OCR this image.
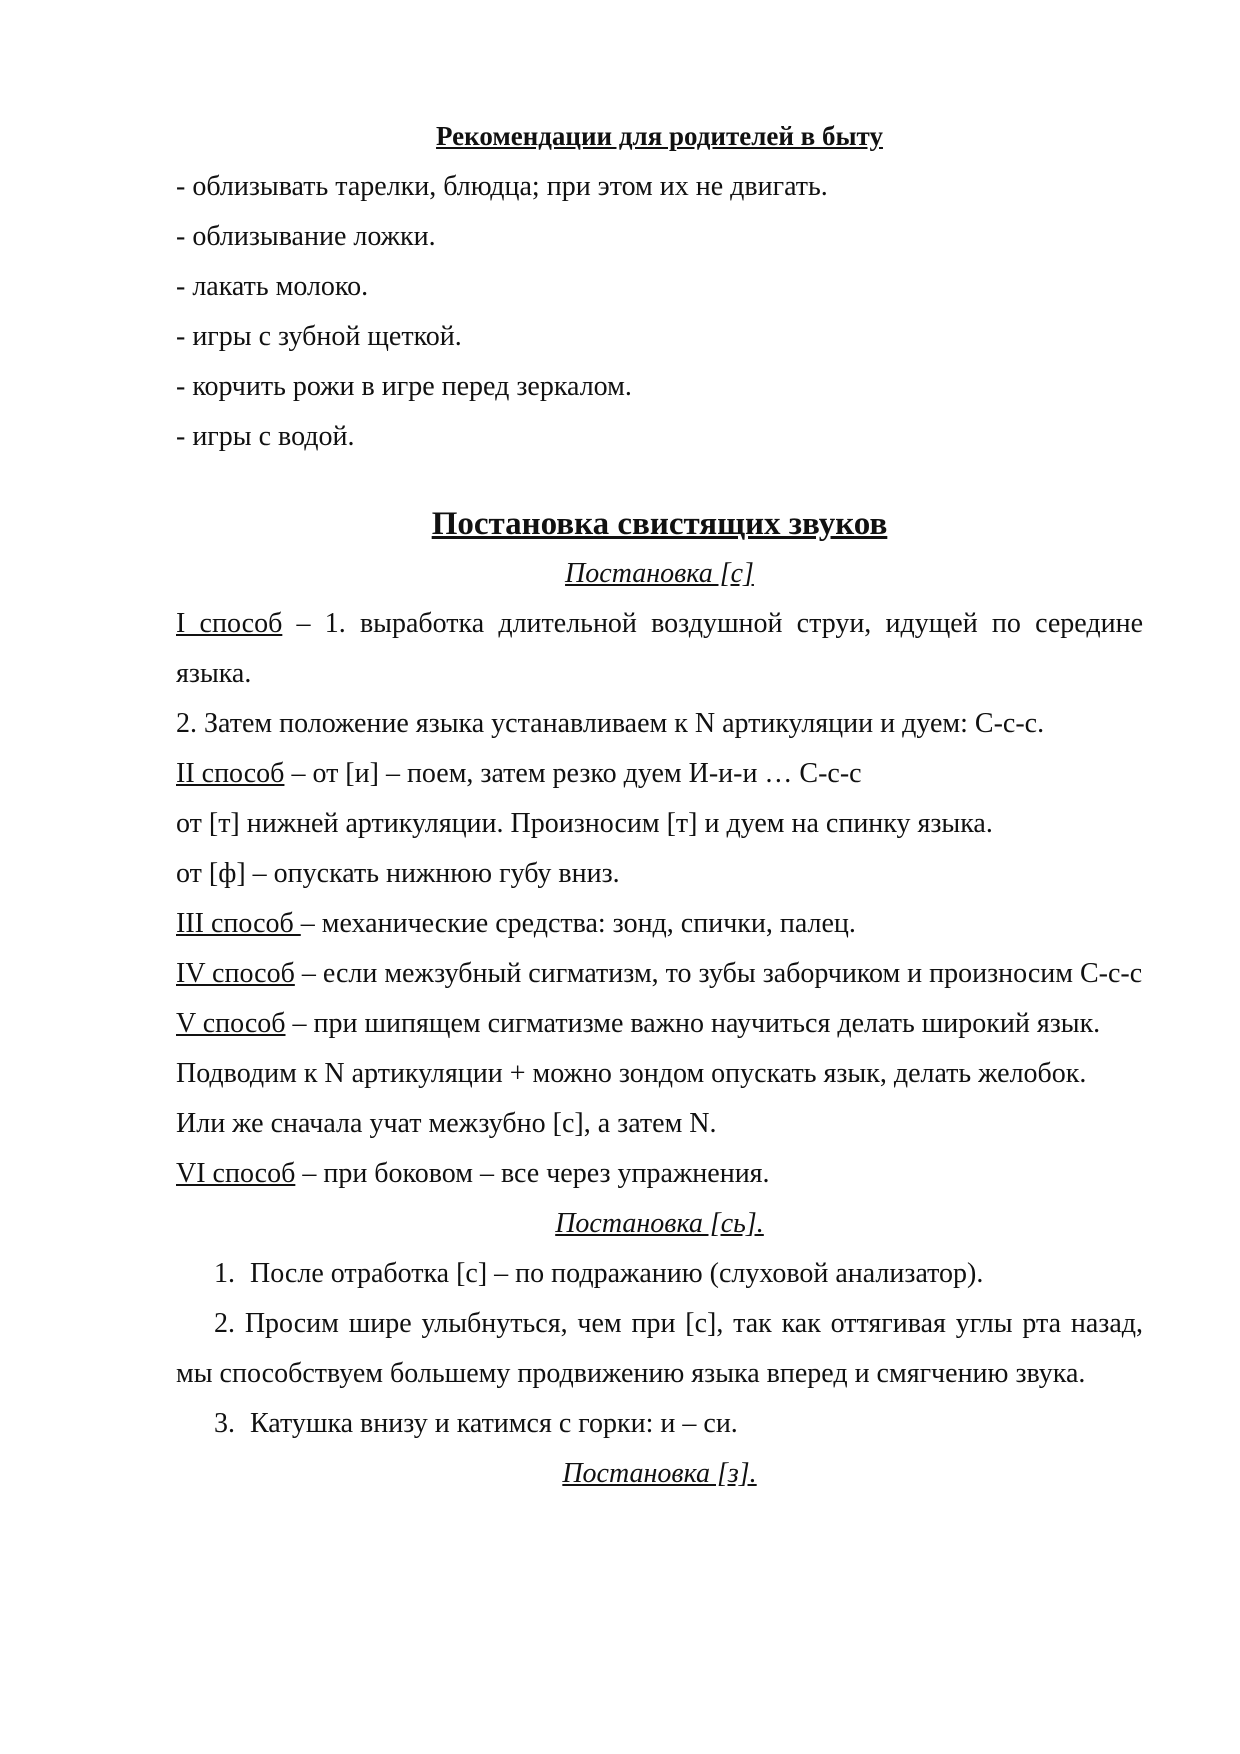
Рекомендации для родителей в быту

- облизывать тарелки, блюдца; при этом их не двигать.

- облизывание ложки.

- лакать молоко.

- игры с зубной щеткой.

- корчить рожи в игре перед зеркалом.

- игры с водой.

Постановка свистящих звуков

Постановка [с]

I способ – 1. выработка длительной воздушной струи, идущей по середине языка.

2. Затем положение языка устанавливаем к N артикуляции и дуем: С-с-с.

II способ – от [и] – поем, затем резко дуем И-и-и … С-с-с

от [т] нижней артикуляции. Произносим [т] и дуем на спинку языка.

от [ф] – опускать нижнюю губу вниз.

III способ – механические средства: зонд, спички, палец.

IV способ – если межзубный сигматизм, то зубы заборчиком и произносим С-с-с

V способ – при шипящем сигматизме важно научиться делать широкий язык.

Подводим к N артикуляции + можно зондом опускать язык, делать желобок.

Или же сначала учат межзубно [с], а затем N.

VI способ – при боковом – все через упражнения.

Постановка [сь].

1. После отработка [с] – по подражанию (слуховой анализатор).

2. Просим шире улыбнуться, чем при [с], так как оттягивая углы рта назад, мы способствуем большему продвижению языка вперед и смягчению звука.

3. Катушка внизу и катимся с горки: и – си.

Постановка [з].
